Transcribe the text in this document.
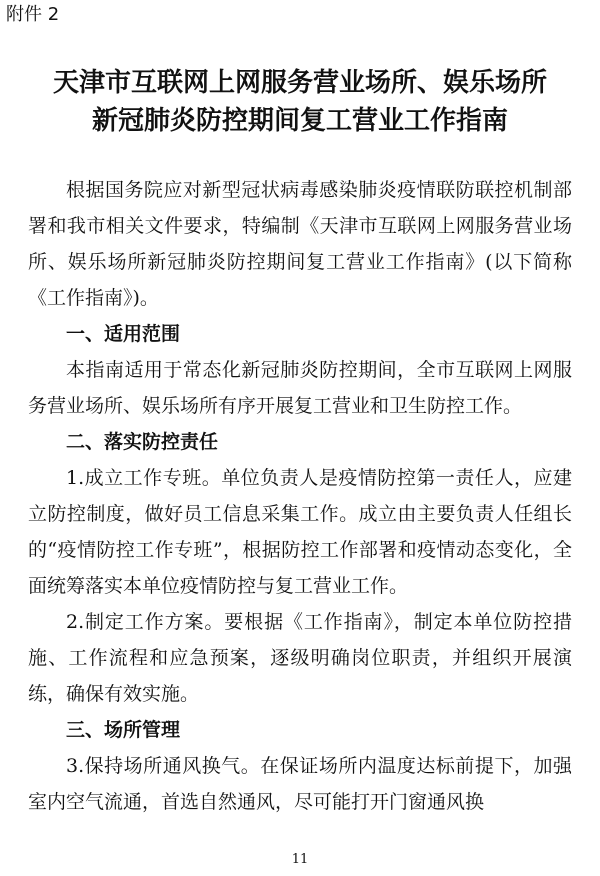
附件 2

天津市互联网上网服务营业场所、娱乐场所
新冠肺炎防控期间复工营业工作指南

根据国务院应对新型冠状病毒感染肺炎疫情联防联控机制部署和我市相关文件要求，特编制《天津市互联网上网服务营业场所、娱乐场所新冠肺炎防控期间复工营业工作指南》(以下简称《工作指南》)。

一、适用范围

本指南适用于常态化新冠肺炎防控期间，全市互联网上网服务营业场所、娱乐场所有序开展复工营业和卫生防控工作。

二、落实防控责任

1.成立工作专班。单位负责人是疫情防控第一责任人，应建立防控制度，做好员工信息采集工作。成立由主要负责人任组长的“疫情防控工作专班”，根据防控工作部署和疫情动态变化，全面统筹落实本单位疫情防控与复工营业工作。

2.制定工作方案。要根据《工作指南》，制定本单位防控措施、工作流程和应急预案，逐级明确岗位职责，并组织开展演练，确保有效实施。

三、场所管理

3.保持场所通风换气。在保证场所内温度达标前提下，加强室内空气流通，首选自然通风，尽可能打开门窗通风换

11
